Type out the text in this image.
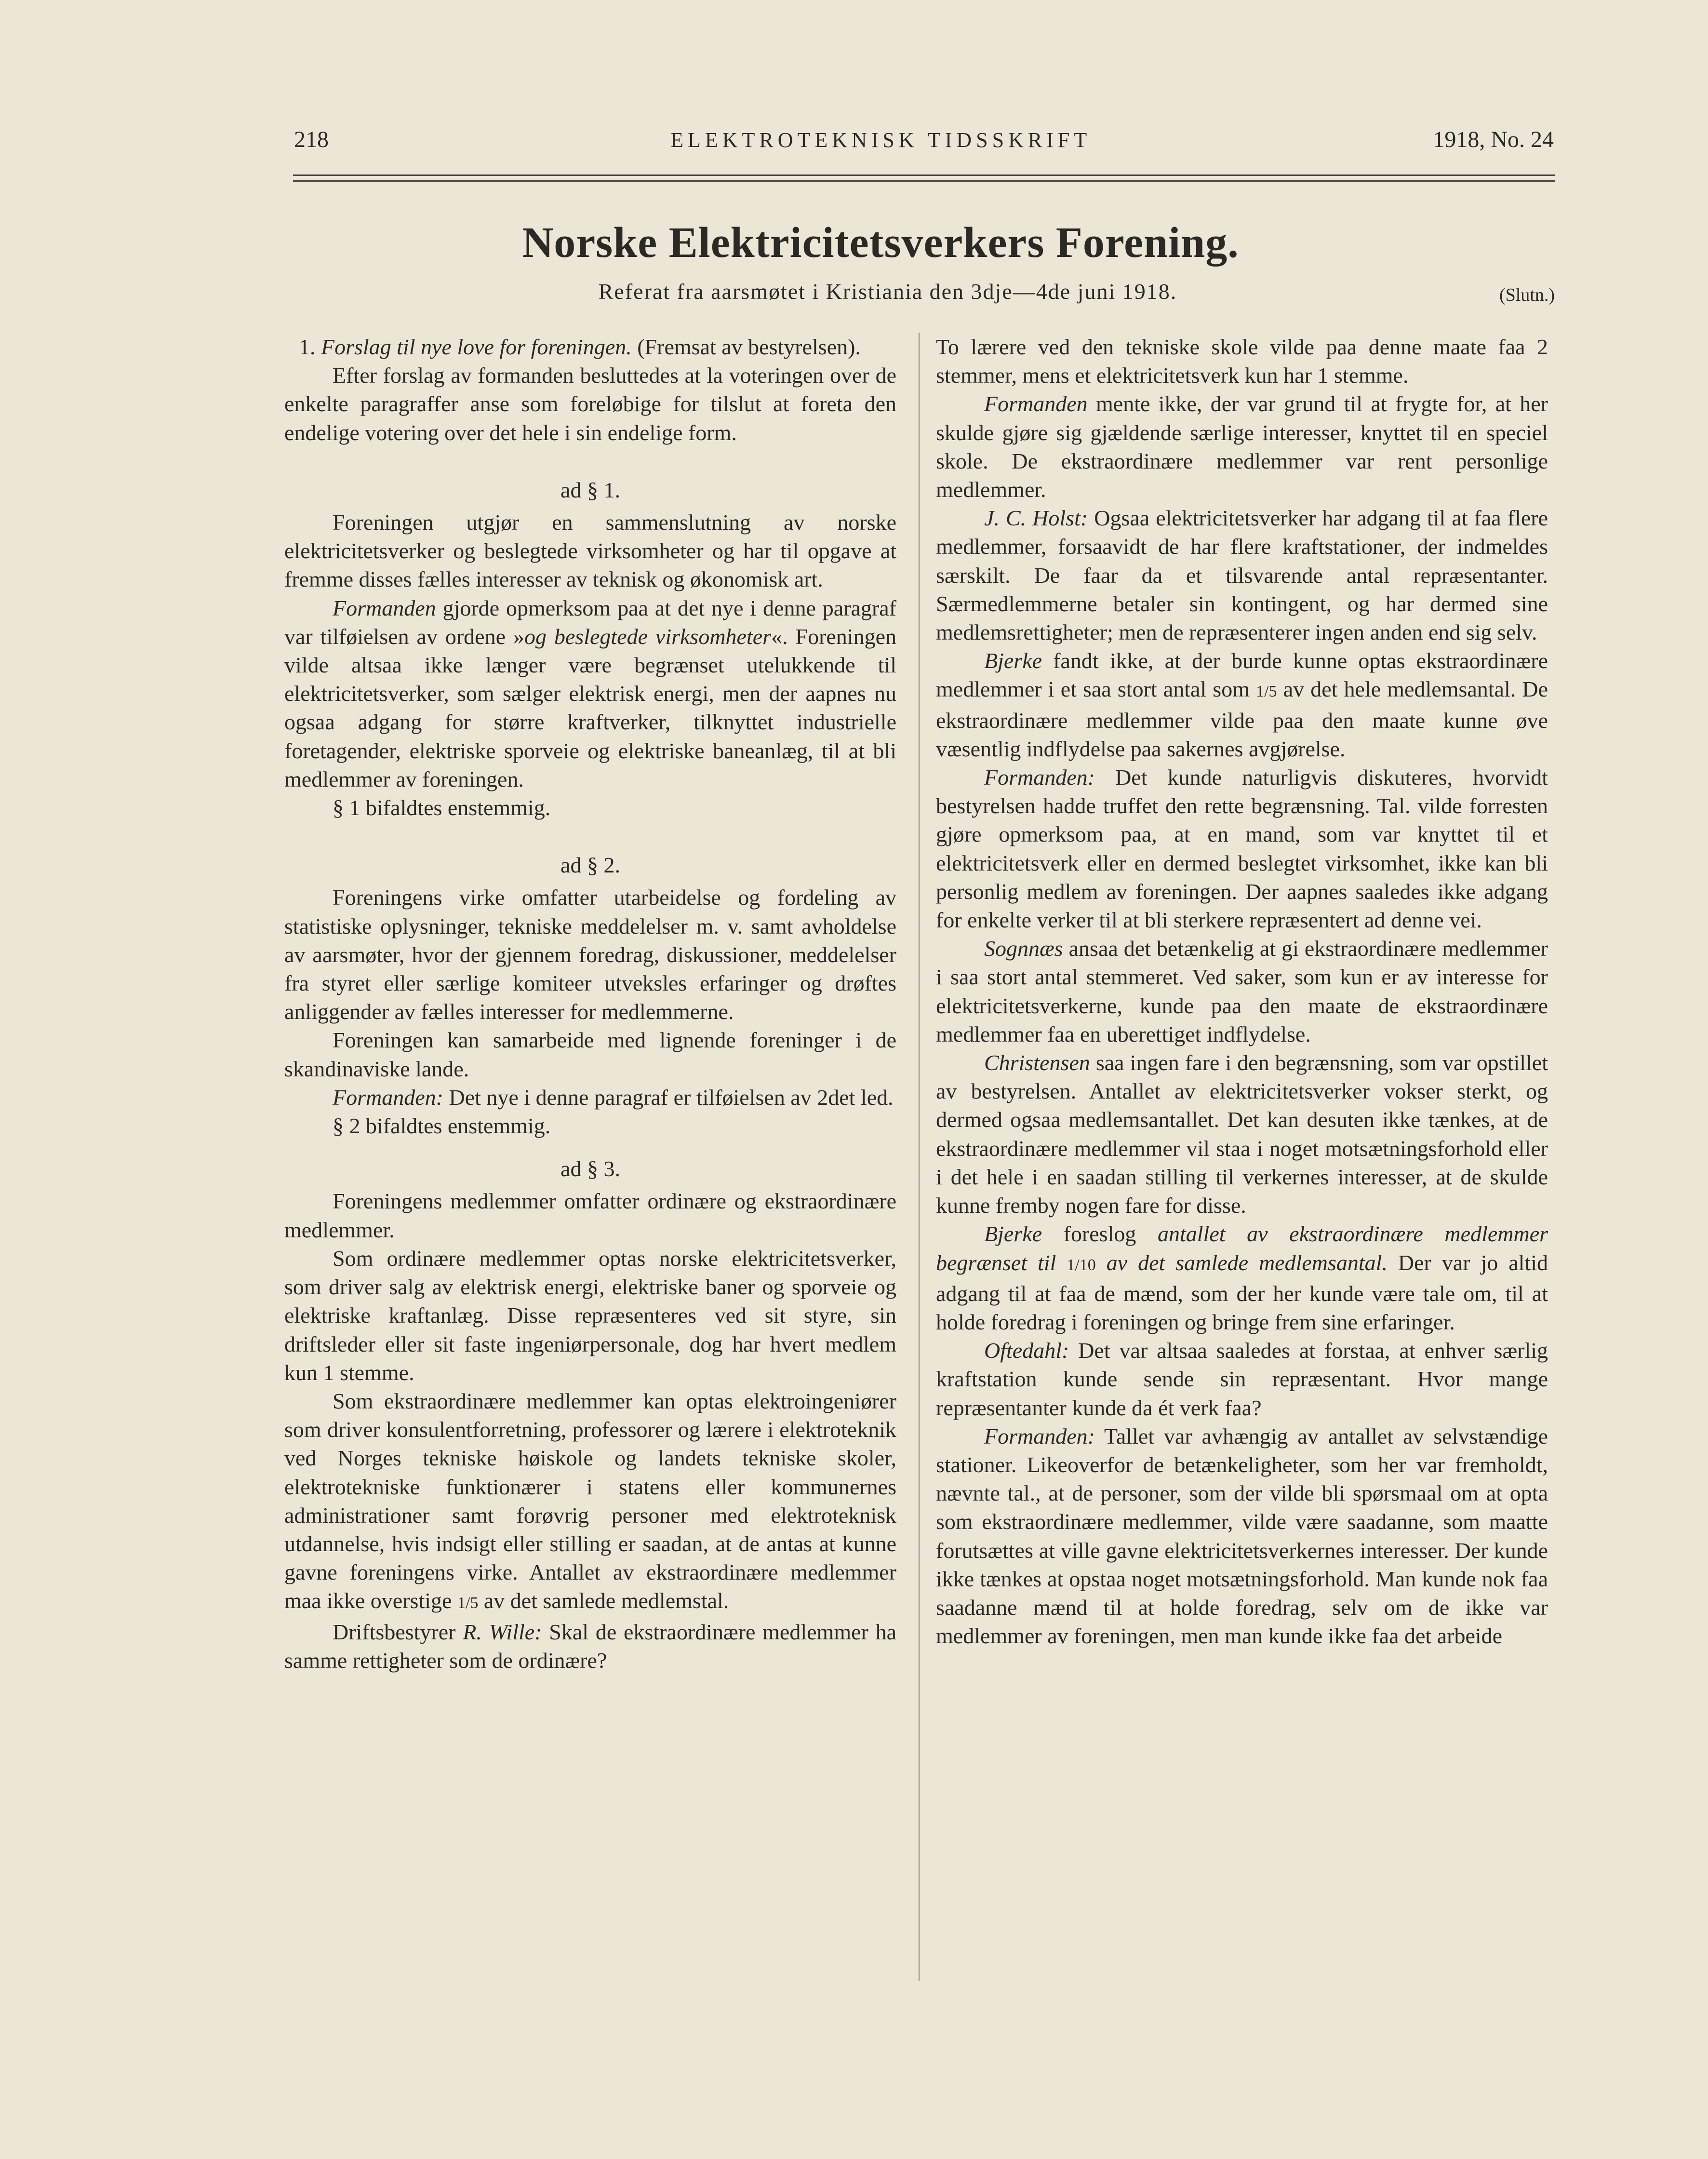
218	ELEKTROTEKNISK TIDSSKRIFT	1918, No. 24
Norske Elektricitetsverkers Forening.
Referat fra aarsmøtet i Kristiania den 3dje—4de juni 1918.	(Slutn.)

1. Forslag til nye love for foreningen. (Fremsat av bestyrelsen).

Efter forslag av formanden besluttedes at la voteringen over de enkelte paragraffer anse som foreløbige for tilslut at foreta den endelige votering over det hele i sin endelige form.

ad § 1.

Foreningen utgjør en sammenslutning av norske elektricitetsverker og beslegtede virksomheter og har til opgave at fremme disses fælles interesser av teknisk og økonomisk art.

Formanden gjorde opmerksom paa at det nye i denne paragraf var tilføielsen av ordene »og beslegtede virksomheter«. Foreningen vilde altsaa ikke længer være begrænset utelukkende til elektricitetsverker, som sælger elektrisk energi, men der aapnes nu ogsaa adgang for større kraftverker, tilknyttet industrielle foretagender, elektriske sporveie og elektriske baneanlæg, til at bli medlemmer av foreningen.

§ 1 bifaldtes enstemmig.

ad § 2.

Foreningens virke omfatter utarbeidelse og fordeling av statistiske oplysninger, tekniske meddelelser m. v. samt avholdelse av aarsmøter, hvor der gjennem foredrag, diskussioner, meddelelser fra styret eller særlige komiteer utveksles erfaringer og drøftes anliggender av fælles interesser for medlemmerne.

Foreningen kan samarbeide med lignende foreninger i de skandinaviske lande.

Formanden: Det nye i denne paragraf er tilføielsen av 2det led.

§ 2 bifaldtes enstemmig.

ad § 3.

Foreningens medlemmer omfatter ordinære og ekstraordinære medlemmer.

Som ordinære medlemmer optas norske elektricitetsverker, som driver salg av elektrisk energi, elektriske baner og sporveie og elektriske kraftanlæg. Disse repræsenteres ved sit styre, sin driftsleder eller sit faste ingeniørpersonale, dog har hvert medlem kun 1 stemme.

Som ekstraordinære medlemmer kan optas elektroingeniører som driver konsulentforretning, professorer og lærere i elektroteknik ved Norges tekniske høiskole og landets tekniske skoler, elektrotekniske funktionærer i statens eller kommunernes administrationer samt forøvrig personer med elektroteknisk utdannelse, hvis indsigt eller stilling er saadan, at de antas at kunne gavne foreningens virke. Antallet av ekstraordinære medlemmer maa ikke overstige 1/5 av det samlede medlemstal.

Driftsbestyrer R. Wille: Skal de ekstraordinære medlemmer ha samme rettigheter som de ordinære?

To lærere ved den tekniske skole vilde paa denne maate faa 2 stemmer, mens et elektricitetsverk kun har 1 stemme.

Formanden mente ikke, der var grund til at frygte for, at her skulde gjøre sig gjældende særlige interesser, knyttet til en speciel skole. De ekstraordinære medlemmer var rent personlige medlemmer.

J. C. Holst: Ogsaa elektricitetsverker har adgang til at faa flere medlemmer, forsaavidt de har flere kraftstationer, der indmeldes særskilt. De faar da et tilsvarende antal repræsentanter. Særmedlemmerne betaler sin kontingent, og har dermed sine medlemsrettigheter; men de repræsenterer ingen anden end sig selv.

Bjerke fandt ikke, at der burde kunne optas ekstraordinære medlemmer i et saa stort antal som 1/5 av det hele medlemsantal. De ekstraordinære medlemmer vilde paa den maate kunne øve væsentlig indflydelse paa sakernes avgjørelse.

Formanden: Det kunde naturligvis diskuteres, hvorvidt bestyrelsen hadde truffet den rette begrænsning. Tal. vilde forresten gjøre opmerksom paa, at en mand, som var knyttet til et elektricitetsverk eller en dermed beslegtet virksomhet, ikke kan bli personlig medlem av foreningen. Der aapnes saaledes ikke adgang for enkelte verker til at bli sterkere repræsentert ad denne vei.

Sognnæs ansaa det betænkelig at gi ekstraordinære medlemmer i saa stort antal stemmeret. Ved saker, som kun er av interesse for elektricitetsverkerne, kunde paa den maate de ekstraordinære medlemmer faa en uberettiget indflydelse.

Christensen saa ingen fare i den begrænsning, som var opstillet av bestyrelsen. Antallet av elektricitetsverker vokser sterkt, og dermed ogsaa medlemsantallet. Det kan desuten ikke tænkes, at de ekstraordinære medlemmer vil staa i noget motsætningsforhold eller i det hele i en saadan stilling til verkernes interesser, at de skulde kunne fremby nogen fare for disse.

Bjerke foreslog antallet av ekstraordinære medlemmer begrænset til 1/10 av det samlede medlemsantal. Der var jo altid adgang til at faa de mænd, som der her kunde være tale om, til at holde foredrag i foreningen og bringe frem sine erfaringer.

Oftedahl: Det var altsaa saaledes at forstaa, at enhver særlig kraftstation kunde sende sin repræsentant. Hvor mange repræsentanter kunde da ét verk faa?

Formanden: Tallet var avhængig av antallet av selvstændige stationer. Likeoverfor de betænkeligheter, som her var fremholdt, nævnte tal., at de personer, som der vilde bli spørsmaal om at opta som ekstraordinære medlemmer, vilde være saadanne, som maatte forutsættes at ville gavne elektricitetsverkernes interesser. Der kunde ikke tænkes at opstaa noget motsætningsforhold. Man kunde nok faa saadanne mænd til at holde foredrag, selv om de ikke var medlemmer av foreningen, men man kunde ikke faa det arbeide
